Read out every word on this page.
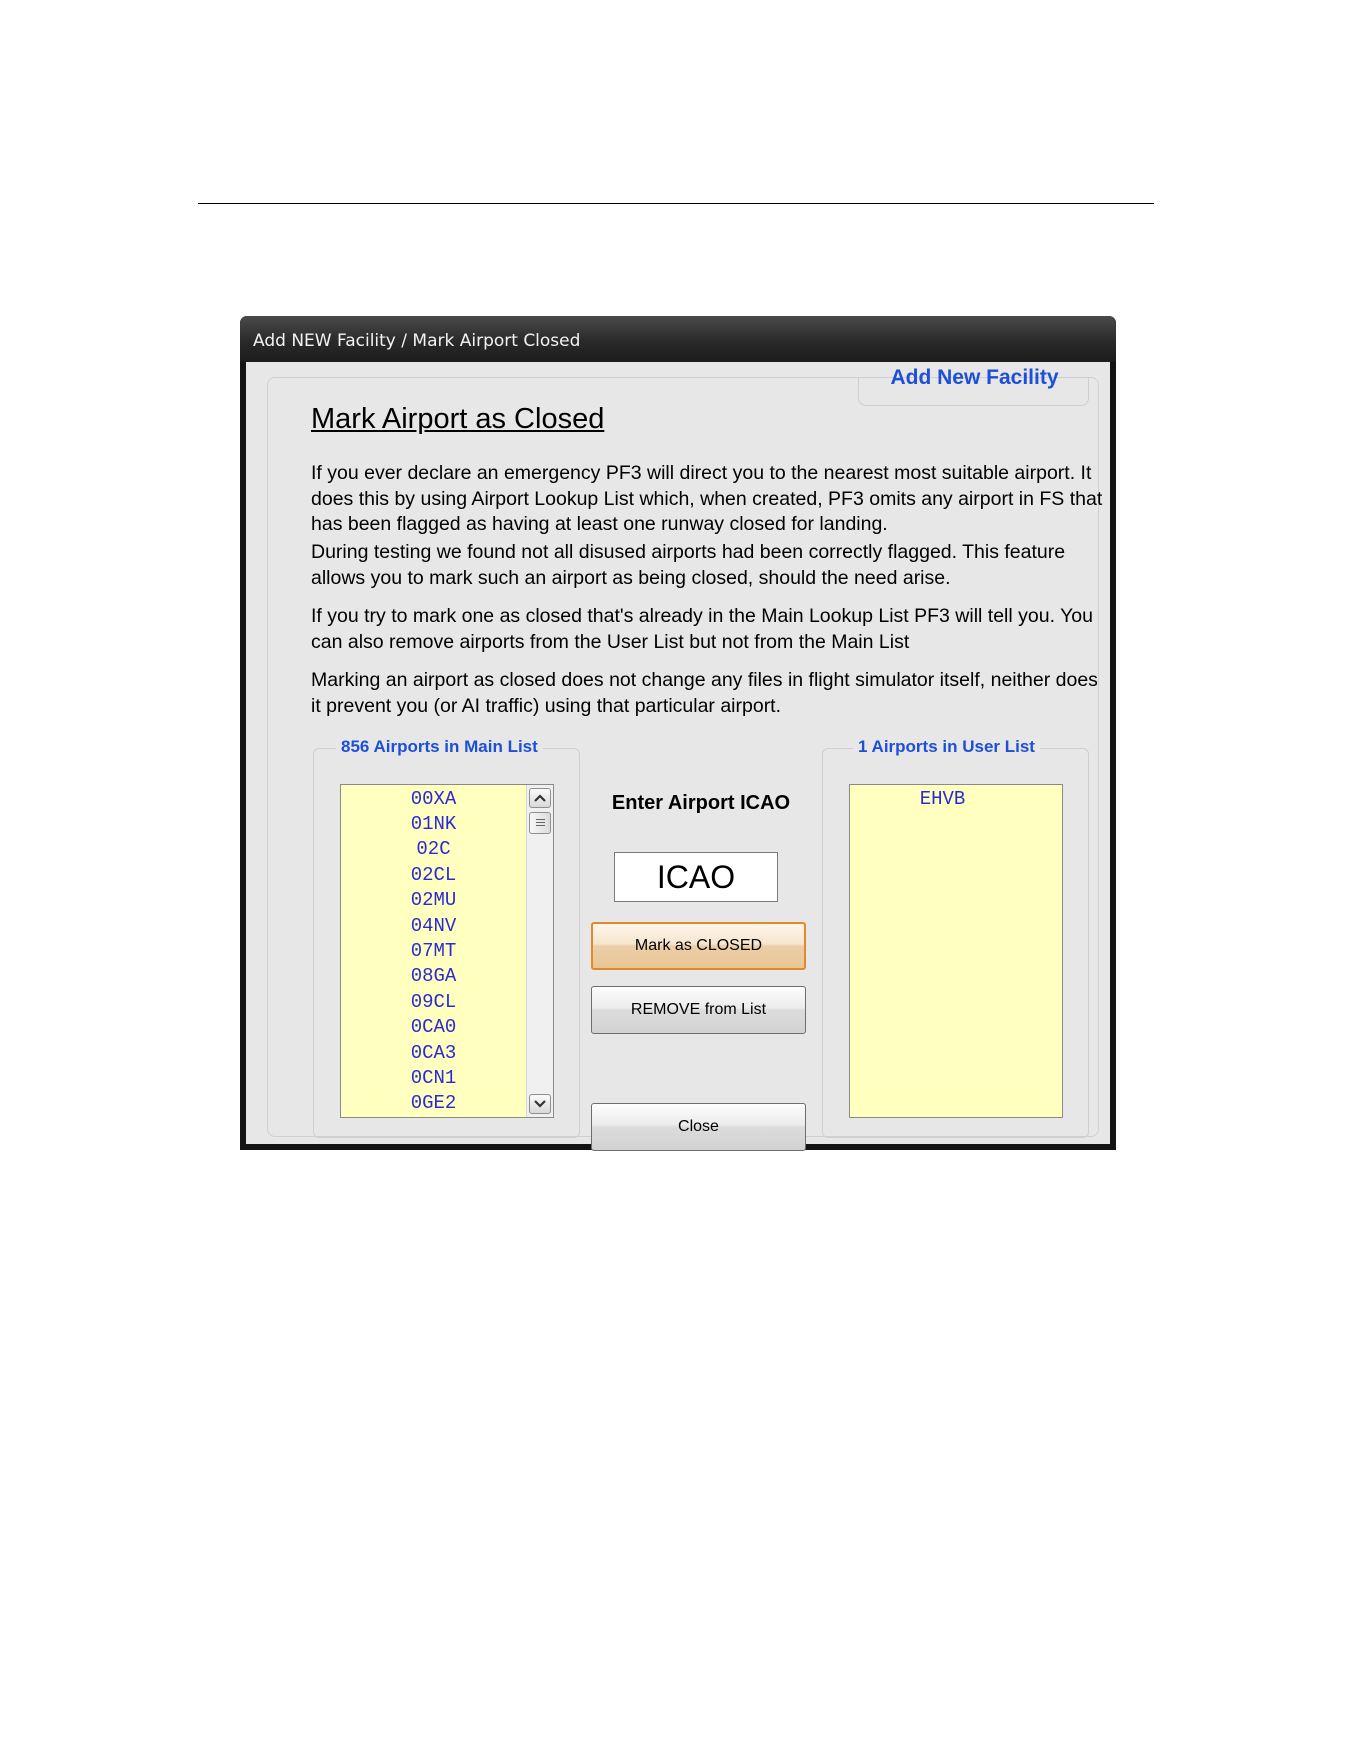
Add NEW Facility / Mark Airport Closed
Add New Facility
Mark Airport as Closed
If you ever declare an emergency PF3 will direct you to the nearest most suitable airport. It does this by using Airport Lookup List which, when created, PF3 omits any airport in FS that has been flagged as having at least one runway closed for landing.
During testing we found not all disused airports had been correctly flagged. This feature allows you to mark such an airport as being closed, should the need arise.
If you try to mark one as closed that's already in the Main Lookup List PF3 will tell you. You can also remove airports from the User List but not from the Main List
Marking an airport as closed does not change any files in flight simulator itself, neither does it prevent you (or AI traffic) using that particular airport.
856 Airports in Main List
00XA
01NK
02C
02CL
02MU
04NV
07MT
08GA
09CL
0CA0
0CA3
0CN1
0GE2
Enter Airport ICAO
ICAO
Mark as CLOSED
REMOVE from List
Close
1 Airports in User List
EHVB
